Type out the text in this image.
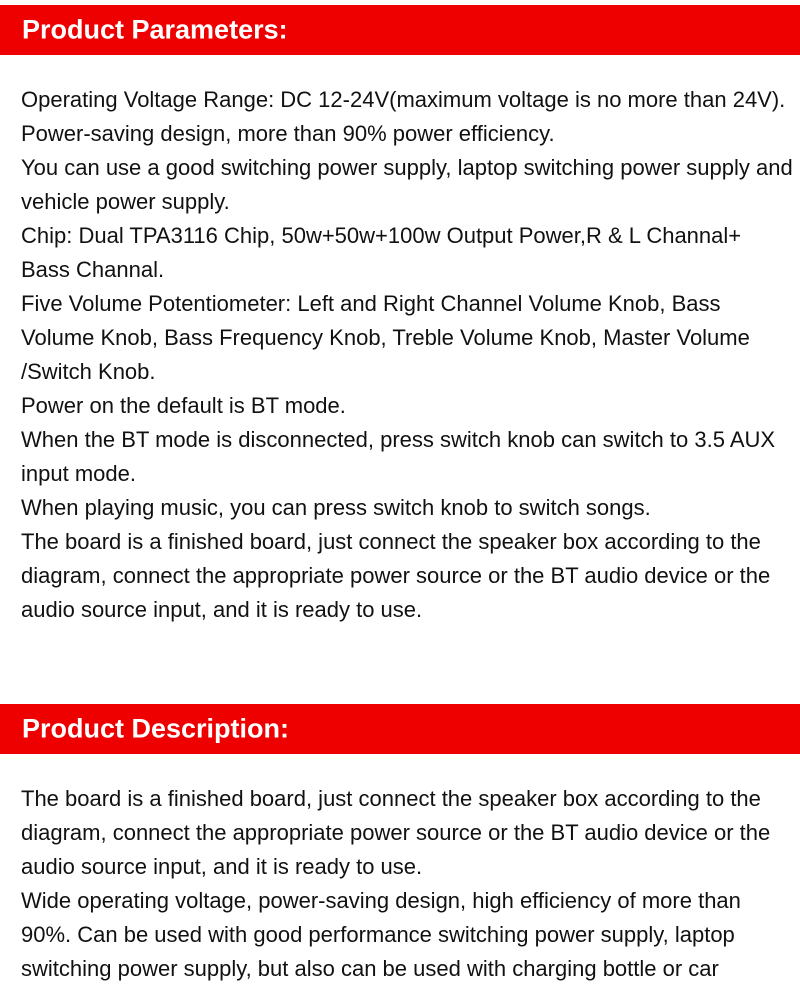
Product Parameters:
Operating Voltage Range: DC 12-24V(maximum voltage is no more than 24V).
Power-saving design, more than 90% power efficiency.
You can use a good switching power supply, laptop switching power supply and vehicle power supply.
Chip: Dual TPA3116 Chip, 50w+50w+100w Output Power,R & L Channal+ Bass Channal.
Five Volume Potentiometer: Left and Right Channel Volume Knob, Bass Volume Knob, Bass Frequency Knob, Treble Volume Knob, Master Volume /Switch Knob.
Power on the default is BT mode.
When the BT mode is disconnected, press switch knob can switch to 3.5 AUX input mode.
When playing music, you can press switch knob to switch songs.
The board is a finished board, just connect the speaker box according to the diagram, connect the appropriate power source or the BT audio device or the audio source input, and it is ready to use.
Product Description:
The board is a finished board, just connect the speaker box according to the diagram, connect the appropriate power source or the BT audio device or the audio source input, and it is ready to use.
Wide operating voltage, power-saving design, high efficiency of more than 90%. Can be used with good performance switching power supply, laptop switching power supply, but also can be used with charging bottle or car
